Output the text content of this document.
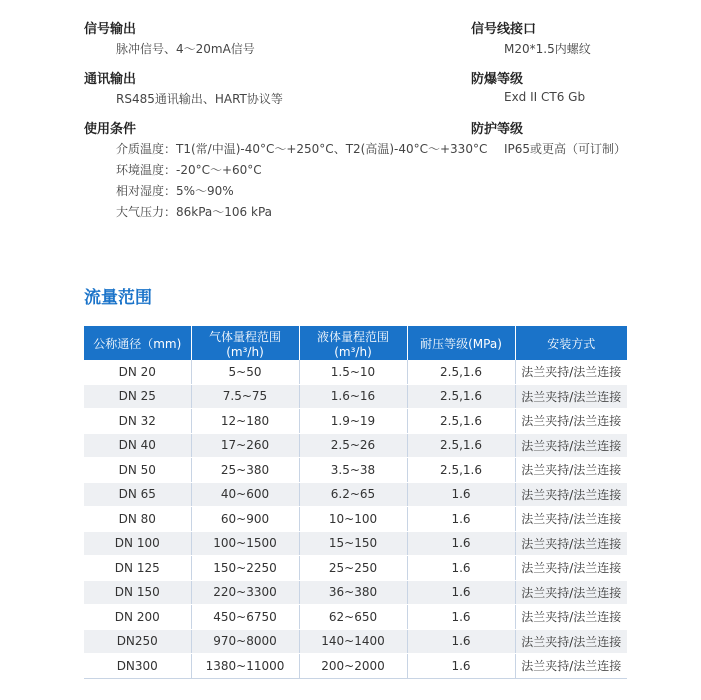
信号输出
脉冲信号、4～20mA信号
通讯输出
RS485通讯输出、HART协议等
使用条件
介质温度：T1(常/中温)-40°C～+250°C、T2(高温)-40°C～+330°C
环境温度：-20°C～+60°C
相对湿度：5%～90%
大气压力：86kPa～106 kPa
信号线接口
M20*1.5内螺纹
防爆等级
Exd II CT6 Gb
防护等级
IP65或更高（可订制）
流量范围
公称通径（mm)	气体量程范围(m³/h)	液体量程范围(m³/h)	耐压等级(MPa)	安装方式
DN 20	5~50	1.5~10	2.5,1.6	法兰夹持/法兰连接
DN 25	7.5~75	1.6~16	2.5,1.6	法兰夹持/法兰连接
DN 32	12~180	1.9~19	2.5,1.6	法兰夹持/法兰连接
DN 40	17~260	2.5~26	2.5,1.6	法兰夹持/法兰连接
DN 50	25~380	3.5~38	2.5,1.6	法兰夹持/法兰连接
DN 65	40~600	6.2~65	1.6	法兰夹持/法兰连接
DN 80	60~900	10~100	1.6	法兰夹持/法兰连接
DN 100	100~1500	15~150	1.6	法兰夹持/法兰连接
DN 125	150~2250	25~250	1.6	法兰夹持/法兰连接
DN 150	220~3300	36~380	1.6	法兰夹持/法兰连接
DN 200	450~6750	62~650	1.6	法兰夹持/法兰连接
DN250	970~8000	140~1400	1.6	法兰夹持/法兰连接
DN300	1380~11000	200~2000	1.6	法兰夹持/法兰连接
